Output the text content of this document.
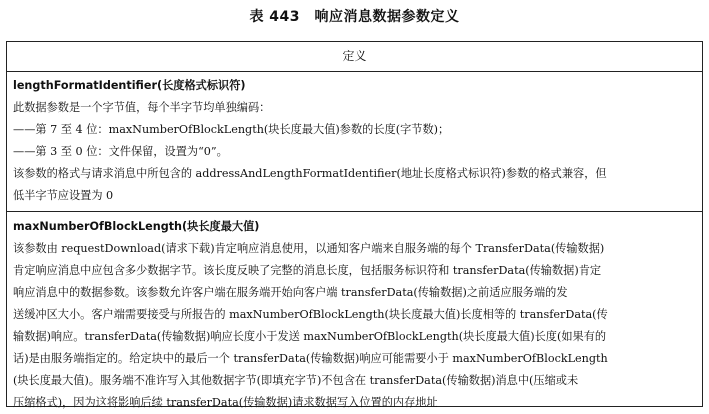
表 443　响应消息数据参数定义
定义
lengthFormatIdentifier(长度格式标识符)
此数据参数是一个字节值，每个半字节均单独编码：
——第 7 至 4 位：maxNumberOfBlockLength(块长度最大值)参数的长度(字节数)；
——第 3 至 0 位：文件保留，设置为“0”。
该参数的格式与请求消息中所包含的 addressAndLengthFormatIdentifier(地址长度格式标识符)参数的格式兼容，但
低半字节应设置为 0
maxNumberOfBlockLength(块长度最大值)
该参数由 requestDownload(请求下载)肯定响应消息使用，以通知客户端来自服务端的每个 TransferData(传输数据)
肯定响应消息中应包含多少数据字节。该长度反映了完整的消息长度，包括服务标识符和 transferData(传输数据)肯定
响应消息中的数据参数。该参数允许客户端在服务端开始向客户端 transferData(传输数据)之前适应服务端的发
送缓冲区大小。客户端需要接受与所报告的 maxNumberOfBlockLength(块长度最大值)长度相等的 transferData(传
输数据)响应。transferData(传输数据)响应长度小于发送 maxNumberOfBlockLength(块长度最大值)长度(如果有的
话)是由服务端指定的。给定块中的最后一个 transferData(传输数据)响应可能需要小于 maxNumberOfBlockLength
(块长度最大值)。服务端不准许写入其他数据字节(即填充字节)不包含在 transferData(传输数据)消息中(压缩或未
压缩格式)，因为这将影响后续 transferData(传输数据)请求数据写入位置的内存地址
